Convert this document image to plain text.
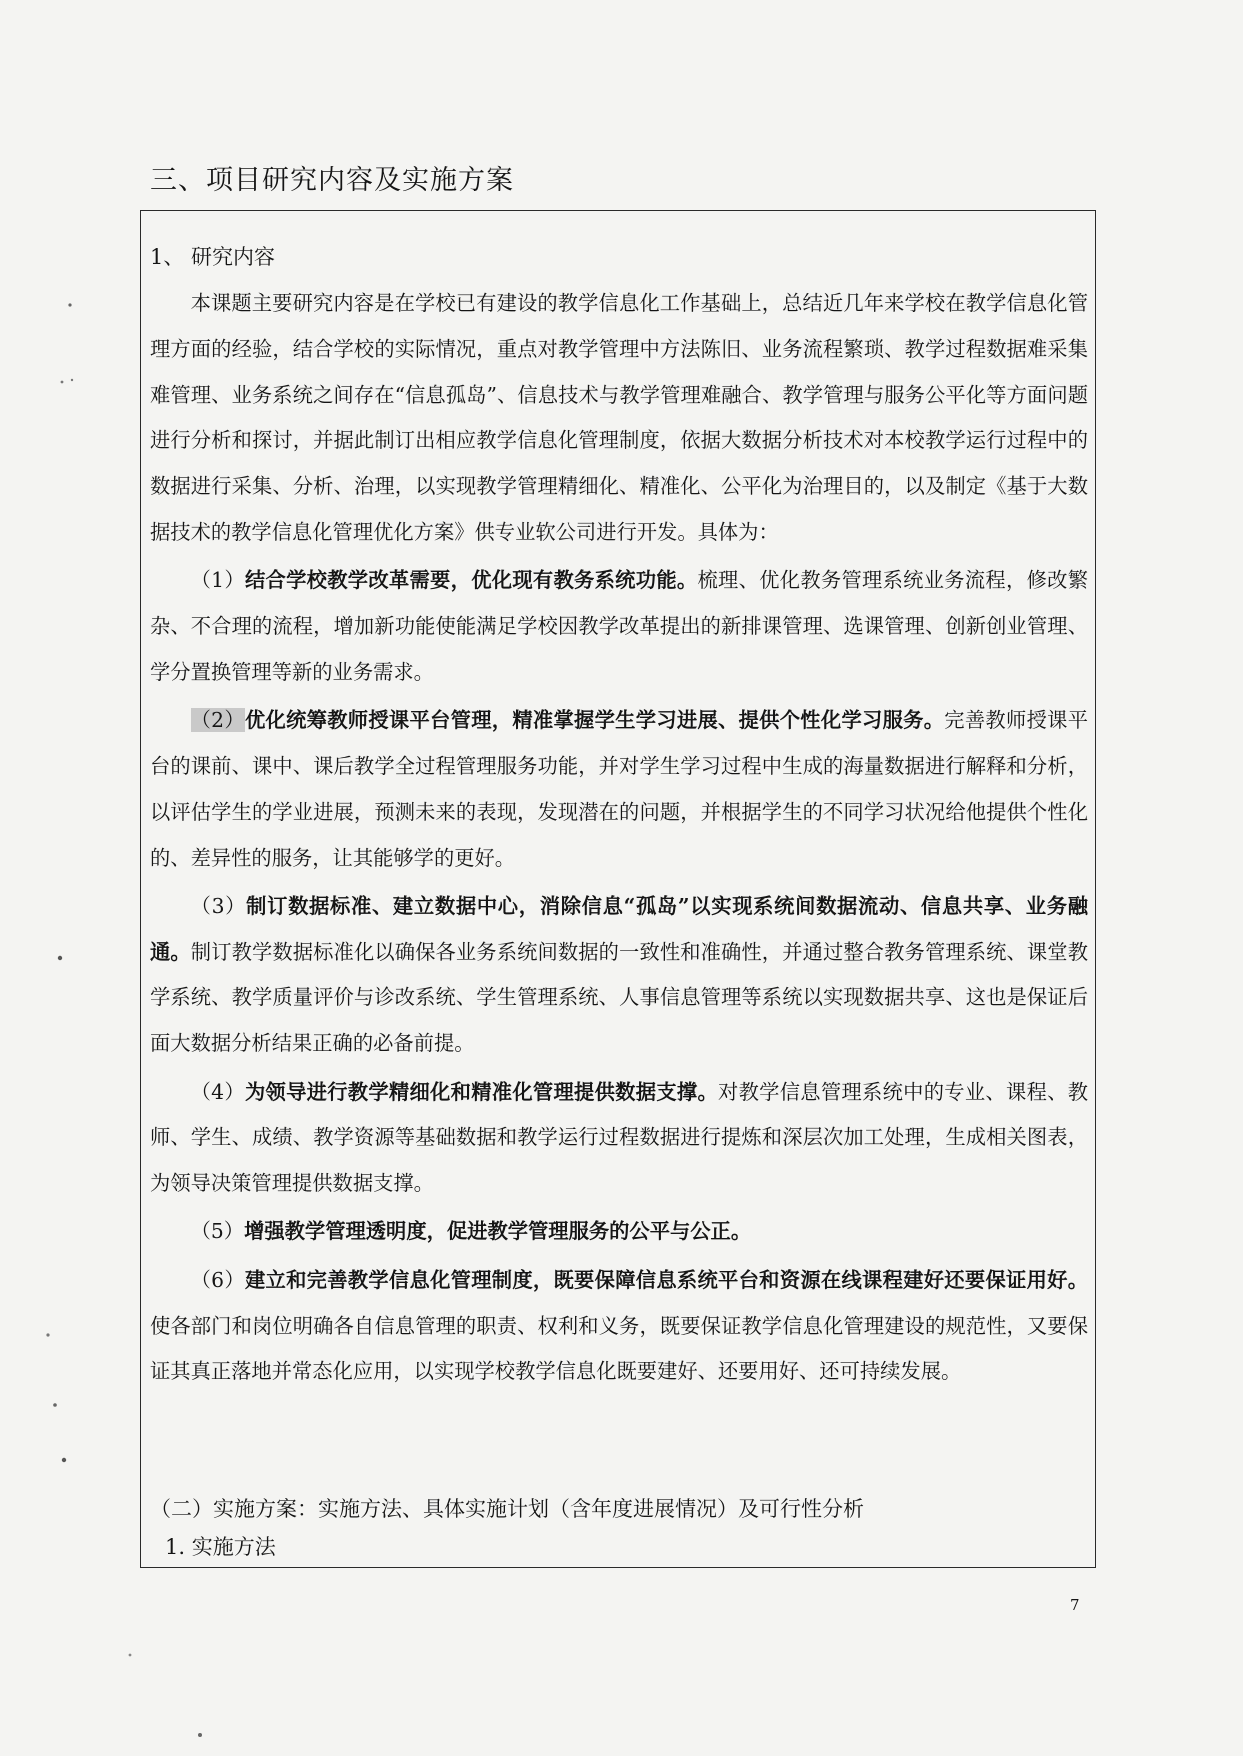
三、项目研究内容及实施方案
1、 研究内容

本课题主要研究内容是在学校已有建设的教学信息化工作基础上，总结近几年来学校在教学信息化管理方面的经验，结合学校的实际情况，重点对教学管理中方法陈旧、业务流程繁琐、教学过程数据难采集难管理、业务系统之间存在“信息孤岛”、信息技术与教学管理难融合、教学管理与服务公平化等方面问题进行分析和探讨，并据此制订出相应教学信息化管理制度，依据大数据分析技术对本校教学运行过程中的数据进行采集、分析、治理，以实现教学管理精细化、精准化、公平化为治理目的，以及制定《基于大数据技术的教学信息化管理优化方案》供专业软公司进行开发。具体为：

（1）结合学校教学改革需要，优化现有教务系统功能。梳理、优化教务管理系统业务流程，修改繁杂、不合理的流程，增加新功能使能满足学校因教学改革提出的新排课管理、选课管理、创新创业管理、学分置换管理等新的业务需求。

（2）优化统筹教师授课平台管理，精准掌握学生学习进展、提供个性化学习服务。完善教师授课平台的课前、课中、课后教学全过程管理服务功能，并对学生学习过程中生成的海量数据进行解释和分析，以评估学生的学业进展，预测未来的表现，发现潜在的问题，并根据学生的不同学习状况给他提供个性化的、差异性的服务，让其能够学的更好。

（3）制订数据标准、建立数据中心，消除信息“孤岛”以实现系统间数据流动、信息共享、业务融通。制订教学数据标准化以确保各业务系统间数据的一致性和准确性，并通过整合教务管理系统、课堂教学系统、教学质量评价与诊改系统、学生管理系统、人事信息管理等系统以实现数据共享、这也是保证后面大数据分析结果正确的必备前提。

（4）为领导进行教学精细化和精准化管理提供数据支撑。对教学信息管理系统中的专业、课程、教师、学生、成绩、教学资源等基础数据和教学运行过程数据进行提炼和深层次加工处理，生成相关图表，为领导决策管理提供数据支撑。

（5）增强教学管理透明度，促进教学管理服务的公平与公正。

（6）建立和完善教学信息化管理制度，既要保障信息系统平台和资源在线课程建好还要保证用好。使各部门和岗位明确各自信息管理的职责、权利和义务，既要保证教学信息化管理建设的规范性，又要保证其真正落地并常态化应用，以实现学校教学信息化既要建好、还要用好、还可持续发展。

（二）实施方案：实施方法、具体实施计划（含年度进展情况）及可行性分析
1. 实施方法
7
